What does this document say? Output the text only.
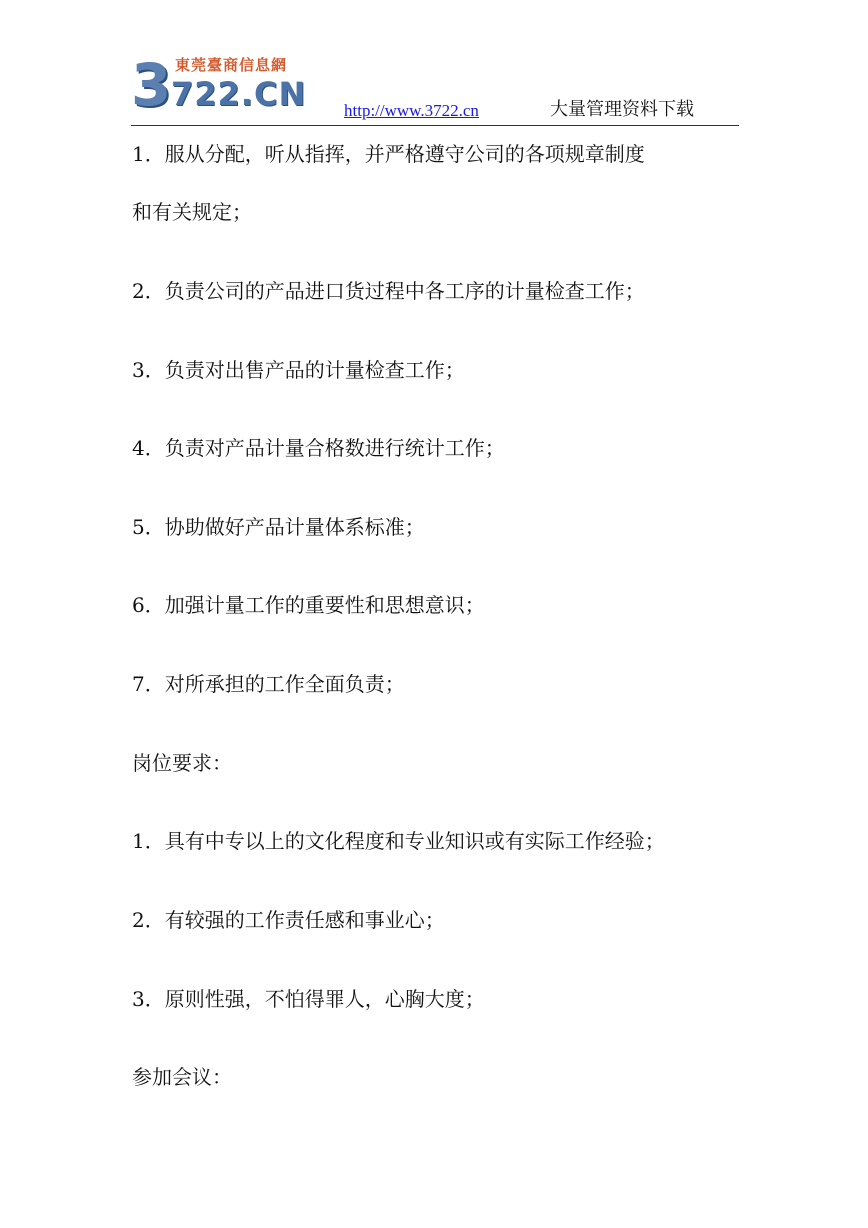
3 東莞臺商信息網
722.CN http://www.3722.cn	大量管理资料下载
1．服从分配，听从指挥，并严格遵守公司的各项规章制度
和有关规定；
2．负责公司的产品进口货过程中各工序的计量检查工作；
3．负责对出售产品的计量检查工作；
4．负责对产品计量合格数进行统计工作；
5．协助做好产品计量体系标准；
6．加强计量工作的重要性和思想意识；
7．对所承担的工作全面负责；
岗位要求：
1．具有中专以上的文化程度和专业知识或有实际工作经验；
2．有较强的工作责任感和事业心；
3．原则性强，不怕得罪人，心胸大度；
参加会议：
